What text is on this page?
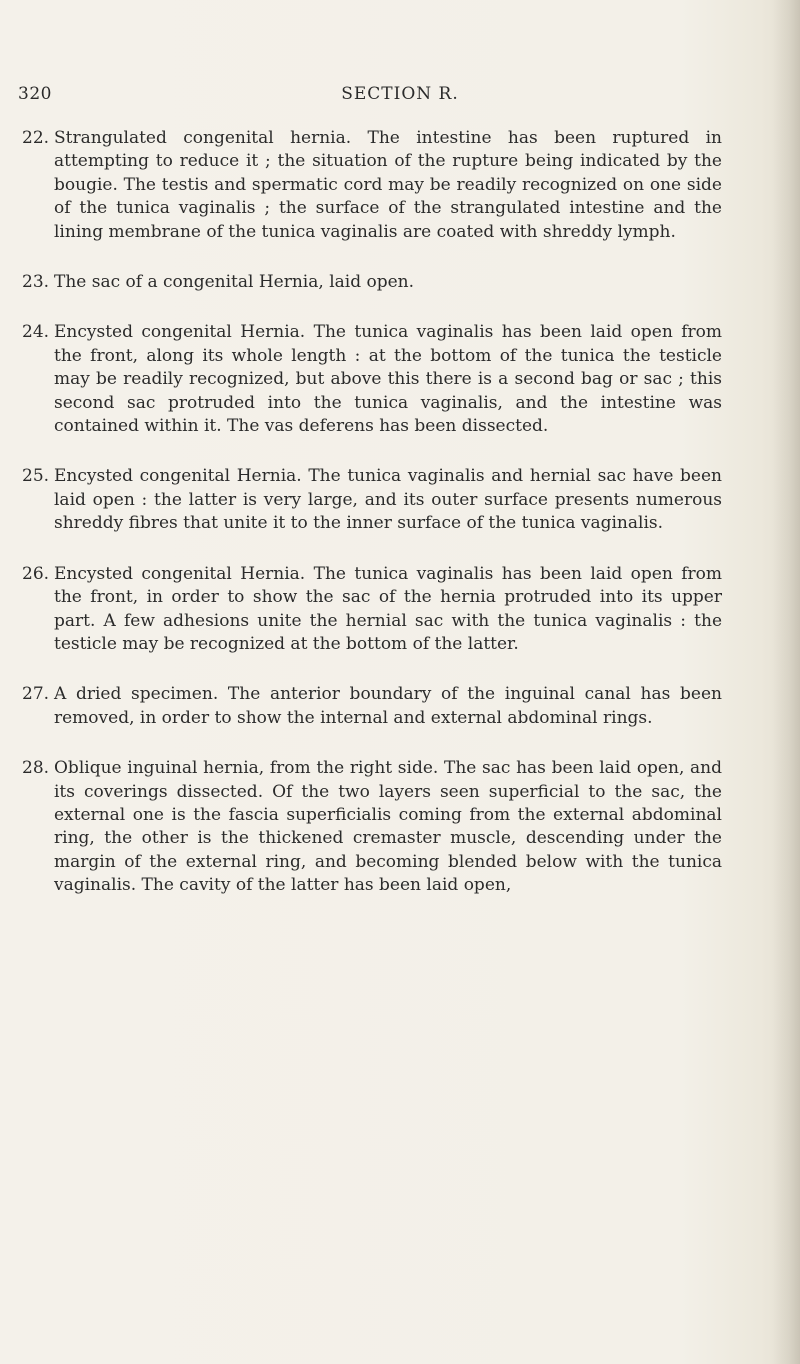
320	SECTION R.
22. Strangulated congenital hernia. The intestine has been ruptured in attempting to reduce it ; the situation of the rupture being indicated by the bougie. The testis and spermatic cord may be readily recognized on one side of the tunica vaginalis ; the surface of the strangulated intestine and the lining membrane of the tunica vaginalis are coated with shreddy lymph.
23. The sac of a congenital Hernia, laid open.
24. Encysted congenital Hernia. The tunica vaginalis has been laid open from the front, along its whole length : at the bottom of the tunica the testicle may be readily recognized, but above this there is a second bag or sac ; this second sac protruded into the tunica vaginalis, and the intestine was contained within it. The vas deferens has been dissected.
25. Encysted congenital Hernia. The tunica vaginalis and hernial sac have been laid open : the latter is very large, and its outer surface presents numerous shreddy fibres that unite it to the inner surface of the tunica vaginalis.
26. Encysted congenital Hernia. The tunica vaginalis has been laid open from the front, in order to show the sac of the hernia protruded into its upper part. A few adhesions unite the hernial sac with the tunica vaginalis : the testicle may be recognized at the bottom of the latter.
27. A dried specimen. The anterior boundary of the inguinal canal has been removed, in order to show the internal and external abdominal rings.
28. Oblique inguinal hernia, from the right side. The sac has been laid open, and its coverings dissected. Of the two layers seen superficial to the sac, the external one is the fascia superficialis coming from the external abdominal ring, the other is the thickened cremaster muscle, descending under the margin of the external ring, and becoming blended below with the tunica vaginalis. The cavity of the latter has been laid open,
